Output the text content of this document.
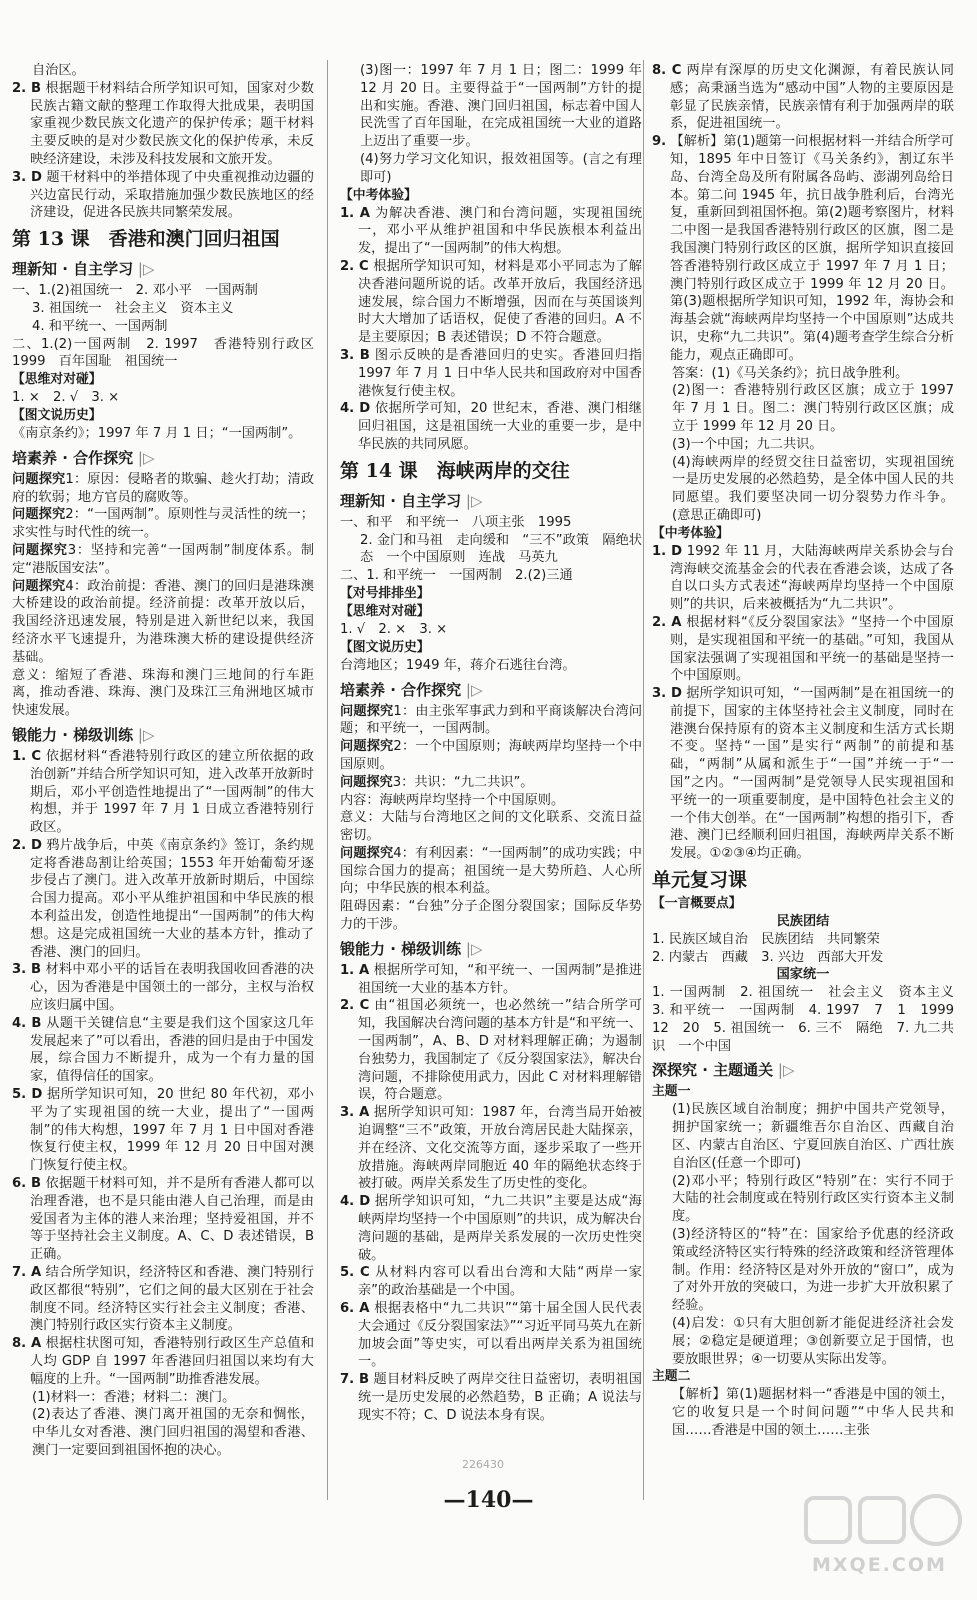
自治区。
2. B 根据题干材料结合所学知识可知，国家对少数民族古籍文献的整理工作取得大批成果，表明国家重视少数民族文化遗产的保护传承；题干材料主要反映的是对少数民族文化的保护传承，未反映经济建设，未涉及科技发展和文旅开发。
3. D 题干材料中的举措体现了中央重视推动边疆的兴边富民行动，采取措施加强少数民族地区的经济建设，促进各民族共同繁荣发展。
第 13 课　香港和澳门回归祖国
理新知 · 自主学习 |▷
一、1.(2)祖国统一　2. 邓小平　一国两制
3. 祖国统一　社会主义　资本主义
4. 和平统一、一国两制
二、1.(2)一国两制　2. 1997　香港特别行政区　1999　百年国耻　祖国统一
【思维对对碰】
1. ×　2. √　3. ×
【图文说历史】
《南京条约》；1997 年 7 月 1 日；“一国两制”。
培素养 · 合作探究 |▷
问题探究1：原因：侵略者的欺骗、趁火打劫；清政府的软弱；地方官员的腐败等。
问题探究2：“一国两制”。原则性与灵活性的统一；求实性与时代性的统一。
问题探究3：坚持和完善“一国两制”制度体系。制定“港版国安法”。
问题探究4：政治前提：香港、澳门的回归是港珠澳大桥建设的政治前提。经济前提：改革开放以后，我国经济迅速发展，特别是进入新世纪以来，我国经济水平飞速提升，为港珠澳大桥的建设提供经济基础。
意义：缩短了香港、珠海和澳门三地间的行车距离，推动香港、珠海、澳门及珠江三角洲地区城市快速发展。
锻能力 · 梯级训练 |▷
1. C 依据材料“香港特别行政区的建立所依据的政治创新”并结合所学知识可知，进入改革开放新时期后，邓小平创造性地提出了“一国两制”的伟大构想，并于 1997 年 7 月 1 日成立香港特别行政区。
2. D 鸦片战争后，中英《南京条约》签订，条约规定将香港岛割让给英国；1553 年开始葡萄牙逐步侵占了澳门。进入改革开放新时期后，中国综合国力提高。邓小平从维护祖国和中华民族的根本利益出发，创造性地提出“一国两制”的伟大构想。这是完成祖国统一大业的基本方针，推动了香港、澳门的回归。
3. B 材料中邓小平的话旨在表明我国收回香港的决心，因为香港是中国领土的一部分，主权与治权应该归属中国。
4. B 从题干关键信息“主要是我们这个国家这几年发展起来了”可以看出，香港的回归是由于中国发展，综合国力不断提升，成为一个有力量的国家，值得信任的国家。
5. D 据所学知识可知，20 世纪 80 年代初，邓小平为了实现祖国的统一大业，提出了“一国两制”的伟大构想，1997 年 7 月 1 日中国对香港恢复行使主权，1999 年 12 月 20 日中国对澳门恢复行使主权。
6. B 依据题干材料可知，并不是所有香港人都可以治理香港，也不是只能由港人自己治理，而是由爱国者为主体的港人来治理；坚持爱祖国，并不等于坚持社会主义制度。A、C、D 表述错误，B 正确。
7. A 结合所学知识，经济特区和香港、澳门特别行政区都很“特别”，它们之间的最大区别在于社会制度不同。经济特区实行社会主义制度；香港、澳门特别行政区实行资本主义制度。
8. A 根据柱状图可知，香港特别行政区生产总值和人均 GDP 自 1997 年香港回归祖国以来均有大幅度的上升。“一国两制”助推香港发展。
(1)材料一：香港；材料二：澳门。
(2)表达了香港、澳门离开祖国的无奈和惆怅，中华儿女对香港、澳门回归祖国的渴望和香港、澳门一定要回到祖国怀抱的决心。
(3)图一：1997 年 7 月 1 日；图二：1999 年 12 月 20 日。主要得益于“一国两制”方针的提出和实施。香港、澳门回归祖国，标志着中国人民洗雪了百年国耻，在完成祖国统一大业的道路上迈出了重要一步。
(4)努力学习文化知识，报效祖国等。(言之有理即可)
【中考体验】
1. A 为解决香港、澳门和台湾问题，实现祖国统一，邓小平从维护祖国和中华民族根本利益出发，提出了“一国两制”的伟大构想。
2. C 根据所学知识可知，材料是邓小平同志为了解决香港问题所说的话。改革开放后，我国经济迅速发展，综合国力不断增强，因而在与英国谈判时大大增加了话语权，促使了香港的回归。A 不是主要原因；B 表述错误；D 不符合题意。
3. B 图示反映的是香港回归的史实。香港回归指 1997 年 7 月 1 日中华人民共和国政府对中国香港恢复行使主权。
4. D 依据所学可知，20 世纪末，香港、澳门相继回归祖国，这是祖国统一大业的重要一步，是中华民族的共同夙愿。
第 14 课　海峡两岸的交往
理新知 · 自主学习 |▷
一、和平　和平统一　八项主张　1995
2. 金门和马祖　走向缓和　“三不”政策　隔绝状态　一个中国原则　连战　马英九
二、1. 和平统一　一国两制　2.(2)三通
【对号排排坐】
【思维对对碰】
1. √　2. ×　3. ×
【图文说历史】
台湾地区；1949 年，蒋介石逃往台湾。
培素养 · 合作探究 |▷
问题探究1：由主张军事武力到和平商谈解决台湾问题；和平统一，一国两制。
问题探究2：一个中国原则；海峡两岸均坚持一个中国原则。
问题探究3：共识：“九二共识”。
内容：海峡两岸均坚持一个中国原则。
意义：大陆与台湾地区之间的文化联系、交流日益密切。
问题探究4：有利因素：“一国两制”的成功实践；中国综合国力的提高；祖国统一是大势所趋、人心所向；中华民族的根本利益。
阻碍因素：“台独”分子企图分裂国家；国际反华势力的干涉。
锻能力 · 梯级训练 |▷
1. A 根据所学可知，“和平统一、一国两制”是推进祖国统一大业的基本方针。
2. C 由“祖国必须统一，也必然统一”结合所学可知，我国解决台湾问题的基本方针是“和平统一、一国两制”，A、B、D 对材料理解正确；为遏制台独势力，我国制定了《反分裂国家法》，解决台湾问题，不排除使用武力，因此 C 对材料理解错误，符合题意。
3. A 据所学知识可知：1987 年，台湾当局开始被迫调整“三不”政策，开放台湾居民赴大陆探亲，并在经济、文化交流等方面，逐步采取了一些开放措施。海峡两岸同胞近 40 年的隔绝状态终于被打破。两岸关系发生了历史性的变化。
4. D 据所学知识可知，“九二共识”主要是达成“海峡两岸均坚持一个中国原则”的共识，成为解决台湾问题的基础，是两岸关系发展的一次历史性突破。
5. C 从材料内容可以看出台湾和大陆“两岸一家亲”的政治基础是一个中国。
6. A 根据表格中“九二共识”“第十届全国人民代表大会通过《反分裂国家法》”“习近平同马英九在新加坡会面”等史实，可以看出两岸关系为祖国统一。
7. B 题目材料反映了两岸交往日益密切，表明祖国统一是历史发展的必然趋势，B 正确；A 说法与现实不符；C、D 说法本身有误。
8. C 两岸有深厚的历史文化渊源，有着民族认同感；高秉涵当选为“感动中国”人物的主要原因是彰显了民族亲情，民族亲情有利于加强两岸的联系，促进祖国统一。
9. 【解析】第(1)题第一问根据材料一并结合所学可知，1895 年中日签订《马关条约》，割辽东半岛、台湾全岛及所有附属各岛屿、澎湖列岛给日本。第二问 1945 年，抗日战争胜利后，台湾光复，重新回到祖国怀抱。第(2)题考察图片，材料二中图一是我国香港特别行政区的区旗，图二是我国澳门特别行政区的区旗，据所学知识直接回答香港特别行政区成立于 1997 年 7 月 1 日；澳门特别行政区成立于 1999 年 12 月 20 日。第(3)题根据所学知识可知，1992 年，海协会和海基会就“海峡两岸均坚持一个中国原则”达成共识，史称“九二共识”。第(4)题考查学生综合分析能力，观点正确即可。
答案：(1)《马关条约》；抗日战争胜利。
(2)图一：香港特别行政区区旗；成立于 1997 年 7 月 1 日。图二：澳门特别行政区区旗；成立于 1999 年 12 月 20 日。
(3)一个中国；九二共识。
(4)海峡两岸的经贸交往日益密切，实现祖国统一是历史发展的必然趋势，是全体中国人民的共同愿望。我们要坚决同一切分裂势力作斗争。(意思正确即可)
【中考体验】
1. D 1992 年 11 月，大陆海峡两岸关系协会与台湾海峡交流基金会的代表在香港会谈，达成了各自以口头方式表述“海峡两岸均坚持一个中国原则”的共识，后来被概括为“九二共识”。
2. A 根据材料“《反分裂国家法》“坚持一个中国原则，是实现祖国和平统一的基础。”可知，我国从国家法强调了实现祖国和平统一的基础是坚持一个中国原则。
3. D 据所学知识可知，“一国两制”是在祖国统一的前提下，国家的主体坚持社会主义制度，同时在港澳台保持原有的资本主义制度和生活方式长期不变。坚持“一国”是实行“两制”的前提和基础，“两制”从属和派生于“一国”并统一于“一国”之内。“一国两制”是党领导人民实现祖国和平统一的一项重要制度，是中国特色社会主义的一个伟大创举。在“一国两制”构想的指引下，香港、澳门已经顺利回归祖国，海峡两岸关系不断发展。①②③④均正确。
单元复习课
【一言概要点】
民族团结
1. 民族区域自治　民族团结　共同繁荣
2. 内蒙古　西藏　3. 兴边　西部大开发
国家统一
1. 一国两制　2. 祖国统一　社会主义　资本主义　3. 和平统一　一国两制　4. 1997　7　1　1999　12　20　5. 祖国统一　6. 三不　隔绝　7. 九二共识　一个中国
深探究 · 主题通关 |▷
主题一
(1)民族区域自治制度；拥护中国共产党领导，拥护国家统一；新疆维吾尔自治区、西藏自治区、内蒙古自治区、宁夏回族自治区、广西壮族自治区(任意一个即可)
(2)邓小平；特别行政区“特别”在：实行不同于大陆的社会制度或在特别行政区实行资本主义制度。
(3)经济特区的“特”在：国家给予优惠的经济政策或经济特区实行特殊的经济政策和经济管理体制。作用：经济特区是对外开放的“窗口”，成为了对外开放的突破口，为进一步扩大开放积累了经验。
(4)启发：①只有大胆创新才能促进经济社会发展；②稳定是硬道理；③创新要立足于国情，也要放眼世界；④一切要从实际出发等。
主题二
【解析】第(1)题据材料一“香港是中国的领土，它的收复只是一个时间问题”“中华人民共和国……香港是中国的领土……主张
226430
—140—
MXQE.COM
